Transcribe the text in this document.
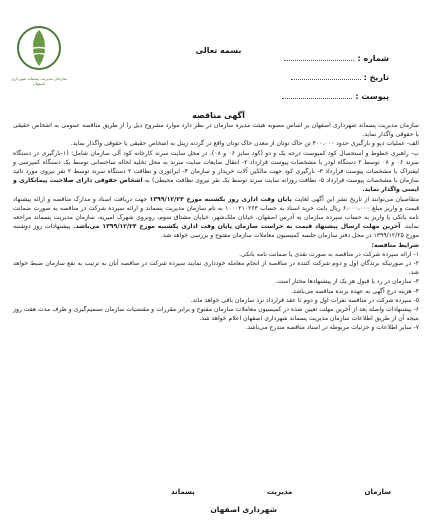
سازمان مدیریت پسماند شهرداری اصفهان
بسمه تعالی
شماره :
تاریخ :
پیوست :
آگهی مناقصه

سازمان مدیریت پسماند شهرداری اصفهان بر اساس مصوبه هیئت مدیره سازمان در نظر دارد موارد مشروح ذیل را از طریق مناقصه عمومی به اشخاص حقیقی یا حقوقی واگذار نماید.

الف- عملیات دپو و بارگیری حدود ۴۰۰،۰۰۰ تن خاک توتان از معدن خاک توتان واقع در گردنه زینل به اشخاص حقیقی یا حقوقی واگذار نماید.

ب- راهبری خطوط و استحصال کود کمپوست درجه یک و دو (کود سایز ۰۶ و ۰۸)، در محل سایت سرند کارخانه کود آلی سازمان شامل: (۱-بارگیری در دستگاه سرند ۰۶ و ۰۸ توسط ۲ دستگاه لودر با مشخصات پیوست قرارداد ۲- انتقال ضایعات سایت سرند به محل تخلیه لخاله ساختمانی توسط یک دستگاه کمپرسی و لیفتراک با مشخصات پیوست قرارداد ۳- بارگیری کود جهت مالکین آلات خریدار و سازمان ۴- ایراتوری و نظافت ۲ دستگاه سرند توسط ۲ نفر نیروی مورد تائید سازمان با مشخصات پیوست قرارداد ۵- نظافت روزانه سایت سرند توسط یک نفر نیروی نظافت محیطی) به اشخاص حقوقی دارای صلاحیت پیمانکاری و ایمنی واگذار نماید.

متقاضیان می‌توانند از تاریخ نشر این آگهی لغایت پایان وقت اداری روز یکشنبه مورخ ۱۳۹۹/۱۲/۲۴ جهت دریافت اسناد و مدارک مناقصه و ارائه پیشنهاد قیمت و واریز مبلغ ۶،۰۰۰،۰۰۰ ریال بابت خرید اسناد به حساب ۱۰۰۰۲۱۰۲۶۳ به نام سازمان مدیریت پسماند و ارائه سپرده شرکت در مناقصه به صورت ضمانت نامه بانکی یا واریز به حساب سپرده سازمان به آدرس اصفهان، خیابان ملک‌شهر، خیابان مشتاق سوم، روبروی شهرک امیریه، سازمان مدیریت پسماند مراجعه نمایند. آخرین مهلت ارسال پیشنهاد قیمت به حراست سازمان پایان وقت اداری یکشنبه مورخ ۱۳۹۹/۱۲/۲۴ می‌باشد. پیشنهادات روز دوشنبه مورخ ۱۳۹۹/۱۲/۲۵ در محل دفتر سازمان جلسه کمیسیون معاملات سازمان مفتوح و بررسی خواهد شد.

شرایط مناقصه:

۱- ارائه سپرده شرکت در مناقصه به صورت نقدی یا ضمانت نامه بانکی.

۲- در صورتیکه برندگان اول و دوم شرکت کننده در مناقصه از انجام معامله خودداری نمایند سپرده شرکت در مناقصه آنان به ترتیب به نفع سازمان ضبط خواهد شد.

۳- سازمان در رد یا قبول هر یک از پیشنهادها مختار است.

۴- هزینه درج آگهی به عهده برنده مناقصه می‌باشد.

۵- سپرده شرکت در مناقصه نفرات اول و دوم تا عقد قرارداد نزد سازمان باقی خواهد ماند.

۶- پیشنهادات واصله بعد از آخرین مهلت تعیین شده در کمیسیون معاملات سازمان مفتوح و برابر مقررات و مقتضیات سازمان تصمیم‌گیری و ظرف مدت هفت روز نتیجه آن از طریق اطلاعات سازمان مدیریت پسماند شهرداری اصفهان اعلام خواهد شد.

۷- سایر اطلاعات و جزئیات مربوطه در اسناد مناقصه مندرج می‌باشد.

سازمان
مدیریت
پسماند
شهرداری اصفهان
